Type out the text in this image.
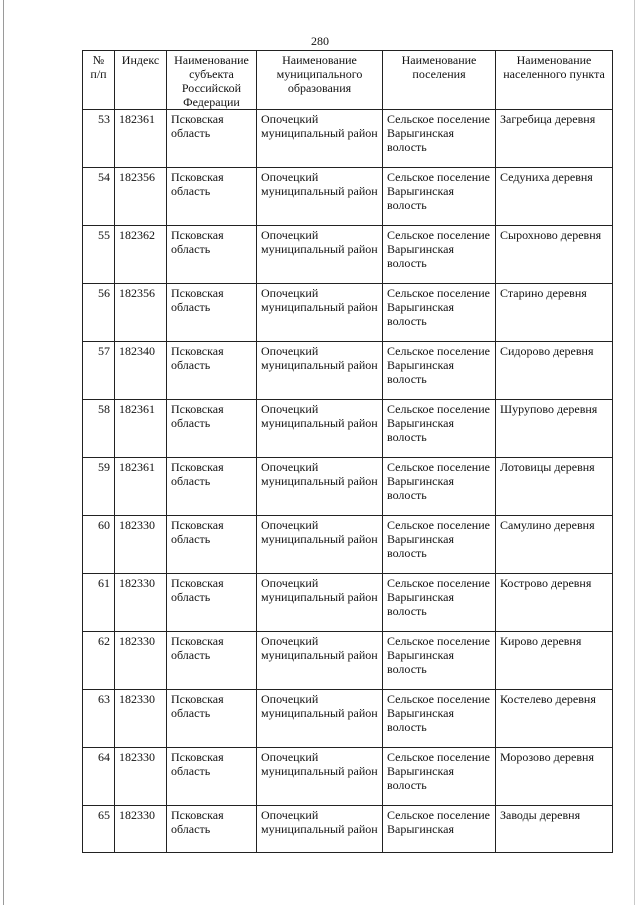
280
№ п/п	Индекс	Наименование субъекта Российской Федерации	Наименование муниципального образования	Наименование поселения	Наименование населенного пункта
53	182361	Псковская область	Опочецкий муниципальный район	Сельское поселение Варыгинская волость	Загребица деревня
54	182356	Псковская область	Опочецкий муниципальный район	Сельское поселение Варыгинская волость	Седуниха деревня
55	182362	Псковская область	Опочецкий муниципальный район	Сельское поселение Варыгинская волость	Сырохново деревня
56	182356	Псковская область	Опочецкий муниципальный район	Сельское поселение Варыгинская волость	Старино деревня
57	182340	Псковская область	Опочецкий муниципальный район	Сельское поселение Варыгинская волость	Сидорово деревня
58	182361	Псковская область	Опочецкий муниципальный район	Сельское поселение Варыгинская волость	Шурупово деревня
59	182361	Псковская область	Опочецкий муниципальный район	Сельское поселение Варыгинская волость	Лотовицы деревня
60	182330	Псковская область	Опочецкий муниципальный район	Сельское поселение Варыгинская волость	Самулино деревня
61	182330	Псковская область	Опочецкий муниципальный район	Сельское поселение Варыгинская волость	Кострово деревня
62	182330	Псковская область	Опочецкий муниципальный район	Сельское поселение Варыгинская волость	Кирово деревня
63	182330	Псковская область	Опочецкий муниципальный район	Сельское поселение Варыгинская волость	Костелево деревня
64	182330	Псковская область	Опочецкий муниципальный район	Сельское поселение Варыгинская волость	Морозово деревня
65	182330	Псковская область	Опочецкий муниципальный район	Сельское поселение Варыгинская	Заводы деревня
